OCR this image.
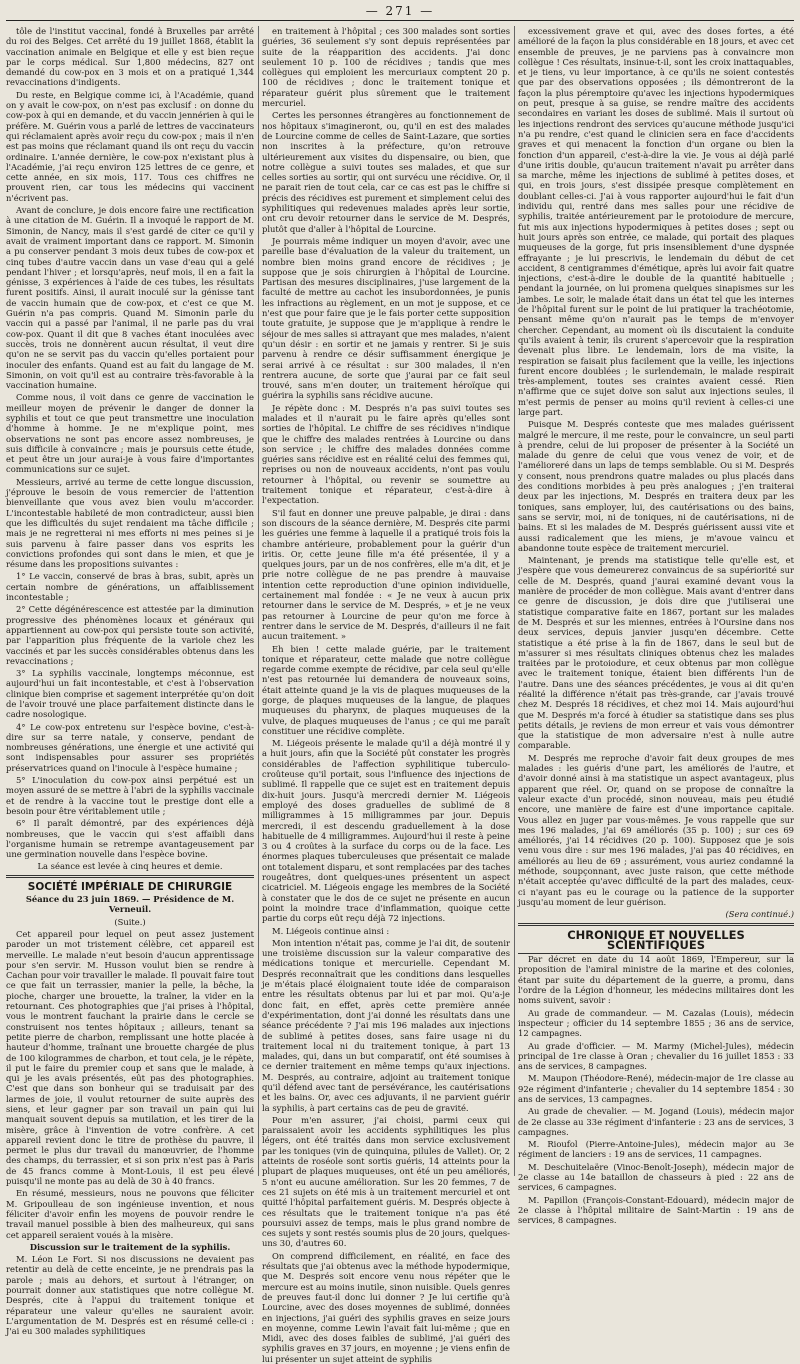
— 271 —

tôle de l'institut vaccinal, fondé à Bruxelles par arrêté du roi des Belges. Cet arrêté du 19 juillet 1868, établit la vaccination animale en Belgique et elle y est bien reçue par le corps médical. Sur 1,800 médecins, 827 ont demandé du cow-pox en 3 mois et on a pratiqué 1,344 revaccinations d'indigents.

Du reste, en Belgique comme ici, à l'Académie, quand on y avait le cow-pox, on n'est pas exclusif : on donne du cow-pox à qui en demande, et du vaccin jennérien à qui le préfère. M. Guérin vous a parlé de lettres de vaccinateurs qui réclamaient après avoir reçu du cow-pox ; mais il n'en est pas moins que réclamant quand ils ont reçu du vaccin ordinaire. L'année dernière, le cow-pox n'existant plus à l'Académie, j'ai reçu environ 125 lettres de ce genre, et cette année, en six mois, 117. Tous ces chiffres ne prouvent rien, car tous les médecins qui vaccinent n'écrivent pas.

Avant de conclure, je dois encore faire une rectification à une citation de M. Guérin. Il a invoqué le rapport de M. Simonin, de Nancy, mais il s'est gardé de citer ce qu'il y avait de vraiment important dans ce rapport. M. Simonin a pu conserver pendant 3 mois deux tubes de cow-pox et cinq tubes d'autre vaccin dans un vase d'eau qui a gelé pendant l'hiver ; et lorsqu'après, neuf mois, il en a fait la génisse, 3 expériences à l'aide de ces tubes, les résultats furent positifs. Ainsi, il aurait inoculé sur la génisse tant de vaccin humain que de cow-pox, et c'est ce que M. Guérin n'a pas compris. Quand M. Simonin parle du vaccin qui a passé par l'animal, il ne parle pas du vrai cow-pox. Quant il dit que 8 vaches étant inoculées avec succès, trois ne donnèrent aucun résultat, il veut dire qu'on ne se servit pas du vaccin qu'elles portaient pour inoculer des enfants. Quand est au fait du langage de M. Simonin, on voit qu'il est au contraire très-favorable à la vaccination humaine.

Comme nous, il voit dans ce genre de vaccination le meilleur moyen de prévenir le danger de donner la syphilis et tout ce que peut transmettre une inoculation d'homme à homme. Je ne m'explique point, mes observations ne sont pas encore assez nombreuses, je suis difficile à convaincre ; mais je poursuis cette étude, et peut être un jour aurai-je à vous faire d'importantes communications sur ce sujet.

Messieurs, arrivé au terme de cette longue discussion, j'éprouve le besoin de vous remercier de l'attention bienveillante que vous avez bien voulu m'accorder. L'incontestable habileté de mon contradicteur, aussi bien que les difficultés du sujet rendaient ma tâche difficile ; mais je ne regretterai ni mes efforts ni mes peines si je suis parvenu à faire passer dans vos esprits les convictions profondes qui sont dans le mien, et que je résume dans les propositions suivantes :

1° Le vaccin, conservé de bras à bras, subit, après un certain nombre de générations, un affaiblissement incontestable ;

2° Cette dégénérescence est attestée par la diminution progressive des phénomènes locaux et généraux qui appartiennent au cow-pox qui persiste toute son activité, par l'apparition plus fréquente de la variole chez les vaccinés et par les succès considérables obtenus dans les revaccinations ;

3° La syphilis vaccinale, longtemps méconnue, est aujourd'hui un fait incontestable, et c'est à l'observation clinique bien comprise et sagement interprétée qu'on doit de l'avoir trouvé une place parfaitement distincte dans le cadre nosologique.

4° Le cow-pox entretenu sur l'espèce bovine, c'est-à-dire sur sa terre natale, y conserve, pendant de nombreuses générations, une énergie et une activité qui sont indispensables pour assurer ses propriétés préservatrices quand on l'inocule à l'espèce humaine ;

5° L'inoculation du cow-pox ainsi perpétué est un moyen assuré de se mettre à l'abri de la syphilis vaccinale et de rendre à la vaccine tout le prestige dont elle a besoin pour être véritablement utile ;

6° Il paraît démontré, par des expériences déjà nombreuses, que le vaccin qui s'est affaibli dans l'organisme humain se retrempe avantageusement par une germination nouvelle dans l'espèce bovine.

La séance est levée à cinq heures et demie.
SOCIÉTÉ IMPÉRIALE DE CHIRURGIE
Séance du 23 juin 1869. — Présidence de M. Verneuil.
(Suite.)

Cet appareil pour lequel on peut assez justement paroder un mot tristement célèbre, cet appareil est merveille. Le malade n'eut besoin d'aucun apprentissage pour s'en servir. M. Husson voulut bien se rendre à Cachan pour voir travailler le malade. Il pouvait faire tout ce que fait un terrassier, manier la pelle, la bêche, la pioche, charger une brouette, la traîner, la vider en la retournant. Ces photographies que j'ai prises à l'hôpital, vous le montrent fauchant la prairie dans le cercle se construisent nos tentes hôpitaux ; ailleurs, tenant sa petite pierre de charbon, remplissant une hotte placée à hauteur d'homme, traînant une brouette chargée de plus de 100 kilogrammes de charbon, et tout cela, je le répète, il put le faire du premier coup et sans que le malade, à qui je les avais présentés, eût pas des photographies. C'est que dans son bonheur qui se traduisait par des larmes de joie, il voulut retourner de suite auprès des siens, et leur gagner par son travail un pain qui lui manquait souvent depuis sa mutilation, et les tirer de la misère, grâce à l'invention de votre confrère. A cet appareil revient donc le titre de prothèse du pauvre, il permet le plus dur travail du manœuvrier, de l'homme des champs, du terrassier, et si son prix n'est pas à Paris de 45 francs comme à Mont-Louis, il est peu élevé puisqu'il ne monte pas au delà de 30 à 40 francs.

En résumé, messieurs, nous ne pouvons que féliciter M. Gripoulleau de son ingénieuse invention, et nous féliciter d'avoir enfin les moyens de pouvoir rendre le travail manuel possible à bien des malheureux, qui sans cet appareil seraient voués à la misère.

Discussion sur le traitement de la syphilis.

M. Léon Le Fort. Si nos discussions ne devaient pas retentir au delà de cette enceinte, je ne prendrais pas la parole ; mais au dehors, et surtout à l'étranger, on pourrait donner aux statistiques que notre collègue M. Després, cite à l'appui du traitement tonique et réparateur une valeur qu'elles ne sauraient avoir. L'argumentation de M. Després est en résumé celle-ci : J'ai eu 300 malades syphilitiques

en traitement à l'hôpital ; ces 300 malades sont sorties guéries, 36 seulement s'y sont depuis représentées par suite de la réapparition des accidents. J'ai donc seulement 10 p. 100 de récidives ; tandis que mes collègues qui emploient les mercuriaux comptent 20 p. 100 de récidives ; donc le traitement tonique et réparateur guérit plus sûrement que le traitement mercuriel.

Certes les personnes étrangères au fonctionnement de nos hôpitaux s'imagineront, ou, qu'il en est des malades de Lourcine comme de celles de Saint-Lazare, que sorties non inscrites à la préfecture, qu'on retrouve ultérieurement aux visites du dispensaire, ou bien, que notre collègue a suivi toutes ses malades, et que sur celles sorties au sortir, qui ont survécu une récidive. Or, il ne parait rien de tout cela, car ce cas est pas le chiffre si précis des récidives est purement et simplement celui des syphilitiques qui redevenues malades après leur sortie, ont cru devoir retourner dans le service de M. Després, plutôt que d'aller à l'hôpital de Lourcine.

Je pourrais même indiquer un moyen d'avoir, avec une pareille base d'évaluation de la valeur du traitement, un nombre bien moins grand encore de récidives ; je suppose que je sois chirurgien à l'hôpital de Lourcine. Partisan des mesures disciplinaires, j'use largement de la faculté de mettre au cachot les insubordonnées, je punis les infractions au règlement, en un mot je suppose, et ce n'est que pour faire que je le fais porter cette supposition toute gratuite, je suppose que je m'applique à rendre le séjour de mes salles si attrayant que mes malades, n'aient qu'un désir : en sortir et ne jamais y rentrer. Si je suis parvenu à rendre ce désir suffisamment énergique je serai arrivé à ce résultat : sur 300 malades, il n'en rentrera aucune, de sorte que j'aurai par ce fait seul trouvé, sans m'en douter, un traitement héroïque qui guérira la syphilis sans récidive aucune.

Je répète donc : M. Després n'a pas suivi toutes ses malades et il n'aurait pu le faire après qu'elles sont sorties de l'hôpital. Le chiffre de ses récidives n'indique que le chiffre des malades rentrées à Lourcine ou dans son service ; le chiffre des malades données comme guéries sans récidive est en réalité celui des femmes qui, reprises ou non de nouveaux accidents, n'ont pas voulu retourner à l'hôpital, ou revenir se soumettre au traitement tonique et réparateur, c'est-à-dire à l'expectation.

S'il faut en donner une preuve palpable, je dirai : dans son discours de la séance dernière, M. Després cite parmi les guéries une femme à laquelle il a pratiqué trois fois la chambre antérieure, probablement pour la guérir d'un iritis. Or, cette jeune fille m'a été présentée, il y a quelques jours, par un de nos confrères, elle m'a dit, et je prie notre collègue de ne pas prendre à mauvaise intention cette reproduction d'une opinion individuelle, certainement mal fondée : « Je ne veux à aucun prix retourner dans le service de M. Després, » et je ne veux pas retourner à Lourcine de peur qu'on me force à rentrer dans le service de M. Després, d'ailleurs il ne fait aucun traitement. »

Eh bien ! cette malade guérie, par le traitement tonique et réparateur, cette malade que notre collègue regarde comme exempte de récidive, par cela seul qu'elle n'est pas retournée lui demandera de nouveaux soins, était atteinte quand je la vis de plaques muqueuses de la gorge, de plaques muqueuses de la langue, de plaques muqueuses du pharynx, de plaques muqueuses de la vulve, de plaques muqueuses de l'anus ; ce qui me paraît constituer une récidive complète.

M. Liégeois présente le malade qu'il a déjà montré il y a huit jours, afin que la Société pût constater les progrès considérables de l'affection syphilitique tuberculo-croûteuse qu'il portait, sous l'influence des injections de sublimé. Il rappelle que ce sujet est en traitement depuis dix-huit jours. Jusqu'à mercredi dernier M. Liégeois employé des doses graduelles de sublimé de 8 milligrammes à 15 milligrammes par jour. Depuis mercredi, il est descendu graduellement à la dose habituelle de 4 milligrammes. Aujourd'hui il reste à peine 3 ou 4 croûtes à la surface du corps ou de la face. Les énormes plaques tuberculeuses que présentait ce malade ont totalement disparu, et sont remplacées par des taches rougeâtres, dont quelques-unes présentent un aspect cicatriciel. M. Liégeois engage les membres de la Société à constater que le dos de ce sujet ne présente en aucun point la moindre trace d'inflammation, quoique cette partie du corps eût reçu déjà 72 injections.

M. Liégeois continue ainsi :

Mon intention n'était pas, comme je l'ai dit, de soutenir une troisième discussion sur la valeur comparative des médications tonique et mercurielle. Cependant M. Després reconnaîtrait que les conditions dans lesquelles je m'étais placé éloignaient toute idée de comparaison entre les résultats obtenus par lui et par moi. Qu'a-je donc fait, en effet, après cette première année d'expérimentation, dont j'ai donné les résultats dans une séance précédente ? J'ai mis 196 malades aux injections de sublimé à petites doses, sans faire usage ni du traitement local ni du traitement tonique, à part 13 malades, qui, dans un but comparatif, ont été soumises à ce dernier traitement en même temps qu'aux injections. M. Després, au contraire, adjoint au traitement tonique qu'il défend avec tant de persévérance, les cautérisations et les bains. Or, avec ces adjuvants, il ne parvient guérir la syphilis, à part certains cas de peu de gravité.

Pour m'en assurer, j'ai choisi, parmi ceux qui paraissaient avoir les accidents syphilitiques les plus légers, ont été traités dans mon service exclusivement par les toniques (vin de quinquina, pilules de Vallet). Or, 2 atteints de roséole sont sortis guéris, 14 atteints pour la plupart de plaques muqueuses, ont été un peu améliorés, 5 n'ont eu aucune amélioration. Sur les 20 femmes, 7 de ces 21 sujets on été mis à un traitement mercuriel et ont quitté l'hôpital parfaitement guéris. M. Després objecte à ces résultats que le traitement tonique n'a pas été poursuivi assez de temps, mais le plus grand nombre de ces sujets y sont restés soumis plus de 20 jours, quelques-uns 30, d'autres 60.

On comprend difficilement, en réalité, en face des résultats que j'ai obtenus avec la méthode hypodermique, que M. Després soit encore venu nous répéter que le mercure est au moins inutile, sinon nuisible. Quels genres de preuves faut-il donc lui donner ? Je lui certifie qu'à Lourcine, avec des doses moyennes de sublimé, données en injections, j'ai guéri des syphilis graves en seize jours en moyenne, comme Lewin l'avait fait lui-même ; que en Midi, avec des doses faibles de sublimé, j'ai guéri des syphilis graves en 37 jours, en moyenne ; je viens enfin de lui présenter un sujet atteint de syphilis

excessivement grave et qui, avec des doses fortes, a été amélioré de la façon la plus considérable en 18 jours, et avec cet ensemble de preuves, je ne parviens pas à convaincre mon collègue ! Ces résultats, insinue-t-il, sont les croix inattaquables, et je tiens, vu leur importance, à ce qu'ils ne soient contestés que par des observations opposées ; ils démontreront de la façon la plus péremptoire qu'avec les injections hypodermiques on peut, presque à sa guise, se rendre maître des accidents secondaires en variant les doses de sublimé. Mais il surtout où les injections rendront des services qu'aucune méthode jusqu'ici n'a pu rendre, c'est quand le clinicien sera en face d'accidents graves et qui menacent la fonction d'un organe ou bien la fonction d'un appareil, c'est-à-dire la vie. Je vous ai déjà parlé d'une iritis double, qu'aucun traitement n'avait pu arrêter dans sa marche, même les injections de sublimé à petites doses, et qui, en trois jours, s'est dissipée presque complètement en doublant celles-ci. J'ai à vous rapporter aujourd'hui le fait d'un individu qui, rentré dans mes salles pour une récidive de syphilis, traitée antérieurement par le protoiodure de mercure, fut mis aux injections hypodermiques à petites doses ; sept ou huit jours après son entrée, ce malade, qui portait des plaques muqueuses de la gorge, fut pris insensiblement d'une dyspnée effrayante ; je lui prescrivis, le lendemain du début de cet accident, 8 centigrammes d'émétique, après lui avoir fait quatre injections, c'est-à-dire le double de la quantité habituelle ; pendant la journée, on lui promena quelques sinapismes sur les jambes. Le soir, le malade était dans un état tel que les internes de l'hôpital furent sur le point de lui pratiquer la trachéotomie, pensant même qu'on n'aurait pas le temps de m'envoyer chercher. Cependant, au moment où ils discutaient la conduite qu'ils avaient à tenir, ils crurent s'apercevoir que la respiration devenait plus libre. Le lendemain, lors de ma visite, la respiration se faisait plus facilement que la veille, les injections furent encore doublées ; le surlendemain, le malade respirait très-amplement, toutes ses craintes avaient cessé. Rien n'affirme que ce sujet doive son salut aux injections seules, il m'est permis de penser au moins qu'il revient à celles-ci une large part.

Puisque M. Després conteste que mes malades guérissent malgré le mercure, il me reste, pour le convaincre, un seul parti à prendre, celui de lui proposer de présenter à la Société un malade du genre de celui que vous venez de voir, et de l'amélioreré dans un laps de temps semblable. Ou si M. Després y consent, nous prendrons quatre malades ou plus placés dans des conditions morbides à peu près analogues ; j'en traiterai deux par les injections, M. Després en traitera deux par les toniques, sans employer, lui, des cautérisations ou des bains, sans se servir, moi, ni de toniques, ni de cautérisations, ni de bains. Et si les malades de M. Després guérissent aussi vite et aussi radicalement que les miens, je m'avoue vaincu et abandonne toute espèce de traitement mercuriel.

Maintenant, je prends ma statistique telle qu'elle est, et j'espère que vous demeurerez convaincus de sa supériorité sur celle de M. Després, quand j'aurai examiné devant vous la manière de procéder de mon collègue. Mais avant d'entrer dans ce genre de discussion, je dois dire que j'utiliserai une statistique comparative faite en 1867, portant sur les malades de M. Després et sur les miennes, entrées à l'Oursine dans nos deux services, depuis janvier jusqu'en décembre. Cette statistique a été prise à la fin de 1867, dans le seul but de m'assurer si mes résultats cliniques obtenus chez les malades traitées par le protoiodure, et ceux obtenus par mon collègue avec le traitement tonique, étaient bien différents l'un de l'autre. Dans une des séances précédentes, je vous ai dit qu'en réalité la différence n'était pas très-grande, car j'avais trouvé chez M. Després 18 récidives, et chez moi 14. Mais aujourd'hui que M. Després m'a forcé à étudier sa statistique dans ses plus petits détails, je reviens de mon erreur et vais vous démontrer que la statistique de mon adversaire n'est à nulle autre comparable.

M. Després me reproche d'avoir fait deux groupes de mes malades : les guéris d'une part, les améliorés de l'autre, et d'avoir donné ainsi à ma statistique un aspect avantageux, plus apparent que réel. Or, quand on se propose de connaître la valeur exacte d'un procédé, sinon nouveau, mais peu étudié encore, une manière de faire est d'une importance capitale. Vous allez en juger par vous-mêmes. Je vous rappelle que sur mes 196 malades, j'ai 69 améliorés (35 p. 100) ; sur ces 69 améliorés, j'ai 14 récidives (20 p. 100). Supposez que je sois venu vous dire : sur mes 196 malades, j'ai pas 40 récidives, en améliorés au lieu de 69 ; assurément, vous auriez condamné la méthode, soupçonnant, avec juste raison, que cette méthode n'était acceptée qu'avec difficulté de la part des malades, ceux-ci n'ayant pas eu le courage ou la patience de la supporter jusqu'au moment de leur guérison.

(Sera continué.)
CHRONIQUE ET NOUVELLES SCIENTIFIQUES

Par décret en date du 14 août 1869, l'Empereur, sur la proposition de l'amiral ministre de la marine et des colonies, étant par suite du département de la guerre, a promu, dans l'ordre de la Légion d'honneur, les médecins militaires dont les noms suivent, savoir :

Au grade de commandeur. — M. Cazalas (Louis), médecin inspecteur ; officier du 14 septembre 1855 ; 36 ans de service, 12 campagnes.

Au grade d'officier. — M. Marmy (Michel-Jules), médecin principal de 1re classe à Oran ; chevalier du 16 juillet 1853 : 33 ans de services, 8 campagnes.

M. Maupon (Théodore-René), médecin-major de 1re classe au 92e régiment d'infanterie ; chevalier du 14 septembre 1854 : 30 ans de services, 13 campagnes.

Au grade de chevalier. — M. Jogand (Louis), médecin major de 2e classe au 33e régiment d'infanterie : 23 ans de services, 3 campagnes.

M. Rioufol (Pierre-Antoine-Jules), médecin major au 3e régiment de lanciers : 19 ans de services, 11 campagnes.

M. Deschuitelaëre (Vinoc-Benoît-Joseph), médecin major de 2e classe au 14e bataillon de chasseurs à pied : 22 ans de services, 6 campagnes.

M. Papillon (François-Constant-Edouard), médecin major de 2e classe à l'hôpital militaire de Saint-Martin : 19 ans de services, 8 campagnes.
